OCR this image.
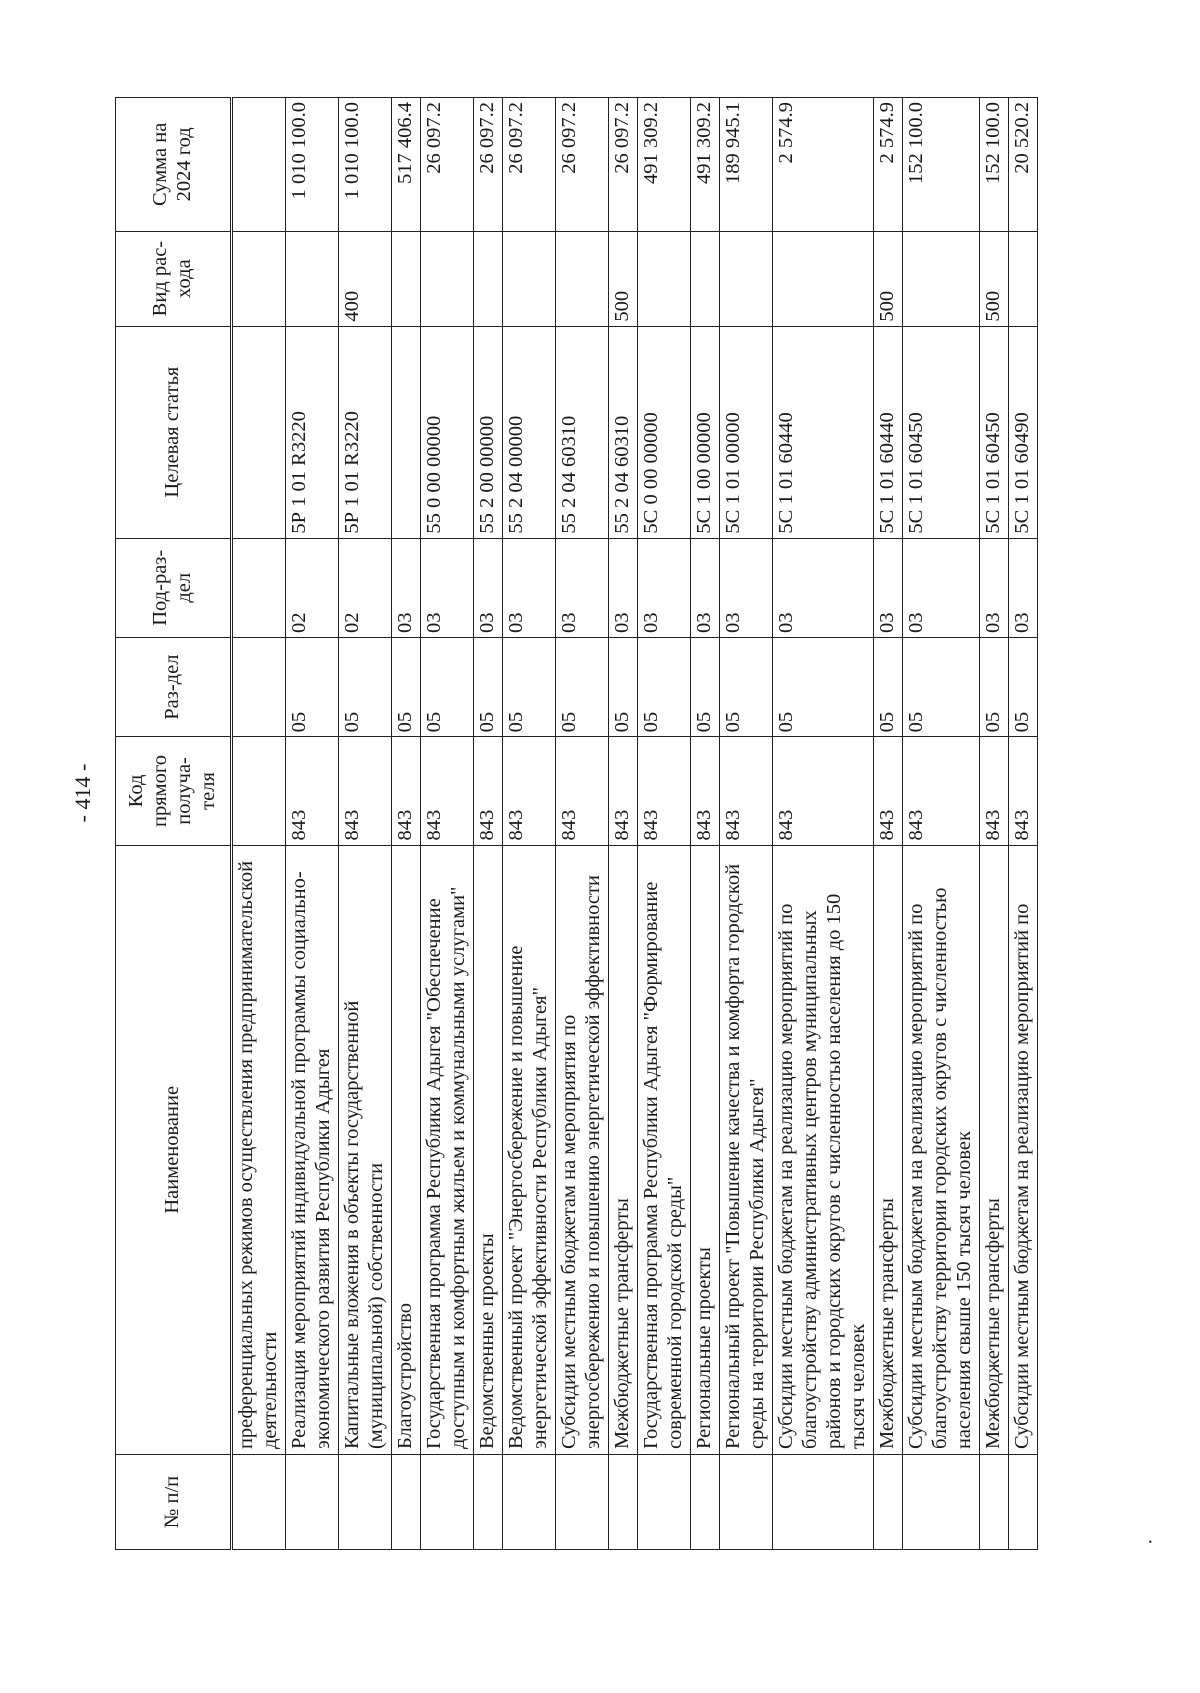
- 414 -
№ п/п	Наименование	Код прямого получа-теля	Раз-дел	Под-раз-дел	Целевая статья	Вид рас-хода	Сумма на 2024 год
	преференциальных режимов осуществления предпринимательской деятельности						
	Реализация мероприятий индивидуальной программы социально-экономического развития Республики Адыгея	843	05	02	5Р 1 01 R3220		1 010 100.0
	Капитальные вложения в объекты государственной (муниципальной) собственности	843	05	02	5Р 1 01 R3220	400	1 010 100.0
	Благоустройство	843	05	03			517 406.4
	Государственная программа Республики Адыгея "Обеспечение доступным и комфортным жильем и коммунальными услугами"	843	05	03	55 0 00 00000		26 097.2
	Ведомственные проекты	843	05	03	55 2 00 00000		26 097.2
	Ведомственный проект "Энергосбережение и повышение энергетической эффективности Республики Адыгея"	843	05	03	55 2 04 00000		26 097.2
	Субсидии местным бюджетам на мероприятия по энергосбережению и повышению энергетической эффективности	843	05	03	55 2 04 60310		26 097.2
	Межбюджетные трансферты	843	05	03	55 2 04 60310	500	26 097.2
	Государственная программа Республики Адыгея "Формирование современной городской среды"	843	05	03	5С 0 00 00000		491 309.2
	Региональные проекты	843	05	03	5С 1 00 00000		491 309.2
	Региональный проект "Повышение качества и комфорта городской среды на территории Республики Адыгея"	843	05	03	5С 1 01 00000		189 945.1
	Субсидии местным бюджетам на реализацию мероприятий по благоустройству административных центров муниципальных районов и городских округов с численностью населения до 150 тысяч человек	843	05	03	5С 1 01 60440		2 574.9
	Межбюджетные трансферты	843	05	03	5С 1 01 60440	500	2 574.9
	Субсидии местным бюджетам на реализацию мероприятий по благоустройству территории городских округов с численностью населения свыше 150 тысяч человек	843	05	03	5С 1 01 60450		152 100.0
	Межбюджетные трансферты	843	05	03	5С 1 01 60450	500	152 100.0
	Субсидии местным бюджетам на реализацию мероприятий по	843	05	03	5С 1 01 60490		20 520.2
·
